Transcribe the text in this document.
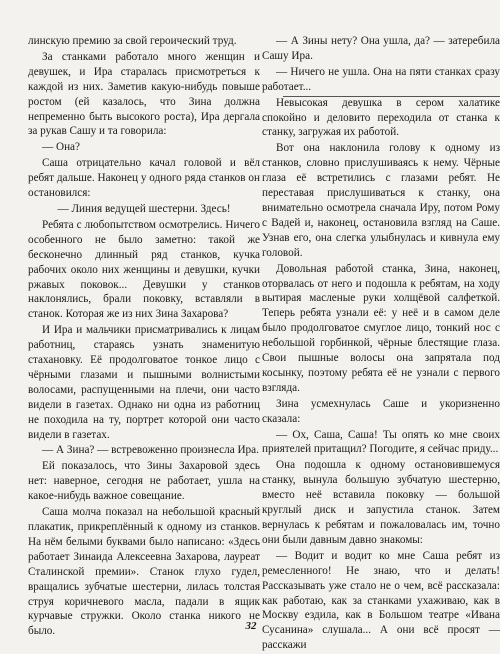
линскую премию за свой героический труд.

За станками работало много женщин и девушек, и Ира старалась присмотреться к каждой из них. Заметив какую-нибудь повыше ростом (ей казалось, что Зина должна непременно быть высокого роста), Ира дергала за рукав Сашу и та говорила:

— Она?

Саша отрицательно качал головой и вёл ребят дальше. Наконец у одного ряда станков он остановился:

— Линия ведущей шестерни. Здесь!

Ребята с любопытством осмотрелись. Ничего особенного не было заметно: такой же бесконечно длинный ряд станков, кучка рабочих около них женщины и девушки, кучки ржавых поковок... Девушки у станков наклонялись, брали поковку, вставляли в станок. Которая же из них Зина Захарова?

И Ира и мальчики присматривались к лицам работниц, стараясь узнать знаменитую стахановку. Её продолговатое тонкое лицо с чёрными глазами и пышными волнистыми волосами, распущенными на плечи, они часто видели в газетах. Однако ни одна из работниц не походила на ту, портрет которой они часто видели в газетах.

— А Зина? — встревоженно произнесла Ира.

Ей показалось, что Зины Захаровой здесь нет: наверное, сегодня не работает, ушла на какое-нибудь важное совещание.

Саша молча показал на небольшой красный плакатик, прикреплённый к одному из станков. На нём белыми буквами было написано: «Здесь работает Зинаида Алексеевна Захарова, лауреат Сталинской премии». Станок глухо гудел, вращались зубчатые шестерни, лилась толстая струя коричневого масла, падали в ящик курчавые стружки. Около станка никого не было.

— А Зины нету? Она ушла, да? — затеребила Сашу Ира.

— Ничего не ушла. Она на пяти станках сразу работает...

Невысокая девушка в сером халатике спокойно и деловито переходила от станка к станку, загружая их работой.

Вот она наклонила голову к одному из станков, словно прислушиваясь к нему. Чёрные глаза её встретились с глазами ребят. Не переставая прислушиваться к станку, она внимательно осмотрела сначала Иру, потом Рому с Вадей и, наконец, остановила взгляд на Саше. Узнав его, она слегка улыбнулась и кивнула ему головой.

Довольная работой станка, Зина, наконец, оторвалась от него и подошла к ребятам, на ходу вытирая масленые руки холщёвой салфеткой. Теперь ребята узнали её: у неё и в самом деле было продолговатое смуглое лицо, тонкий нос с небольшой горбинкой, чёрные блестящие глаза. Свои пышные волосы она запрятала под косынку, поэтому ребята её не узнали с первого взгляда.

Зина усмехнулась Саше и укоризненно сказала:

— Ох, Саша, Саша! Ты опять ко мне своих приятелей притащил? Погодите, я сейчас приду...

Она подошла к одному остановившемуся станку, вынула большую зубчатую шестерню, вместо неё вставила поковку — большой круглый диск и запустила станок. Затем вернулась к ребятам и пожаловалась им, точно они были давным давно знакомы:

— Водит и водит ко мне Саша ребят из ремесленного! Не знаю, что и делать! Рассказывать уже стало не о чем, всё рассказала: как работаю, как за станками ухаживаю, как в Москву ездила, как в Большом театре «Ивана Сусанина» слушала... А они всё просят — расскажи

32
